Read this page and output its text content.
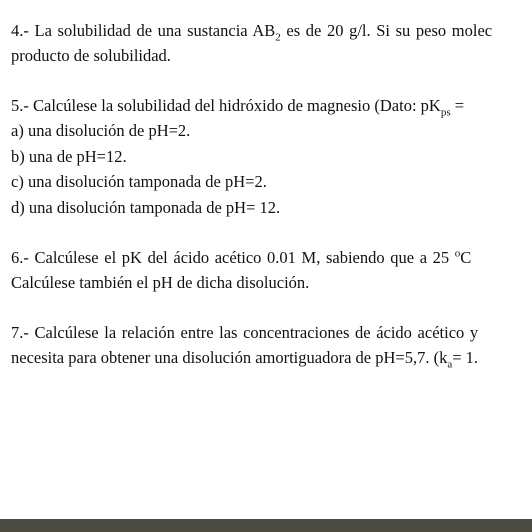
4.- La solubilidad de una sustancia $AB_2$ es de 20 g/l. Si su peso molec
producto de solubilidad.
5.- Calcúlese la solubilidad del hidróxido de magnesio (Dato: $pK_{ps}$ =
a) una disolución de pH=2.
b) una de pH=12.
c) una disolución tamponada de pH=2.
d) una disolución tamponada de pH= 12.
6.- Calcúlese el pK del ácido acético 0.01 M, sabiendo que a 25 $^o$C
Calcúlese también el pH de dicha disolución.
7.- Calcúlese la relación entre las concentraciones de ácido acético y
necesita para obtener una disolución amortiguadora de pH=5,7. ($k_a= 1$.
